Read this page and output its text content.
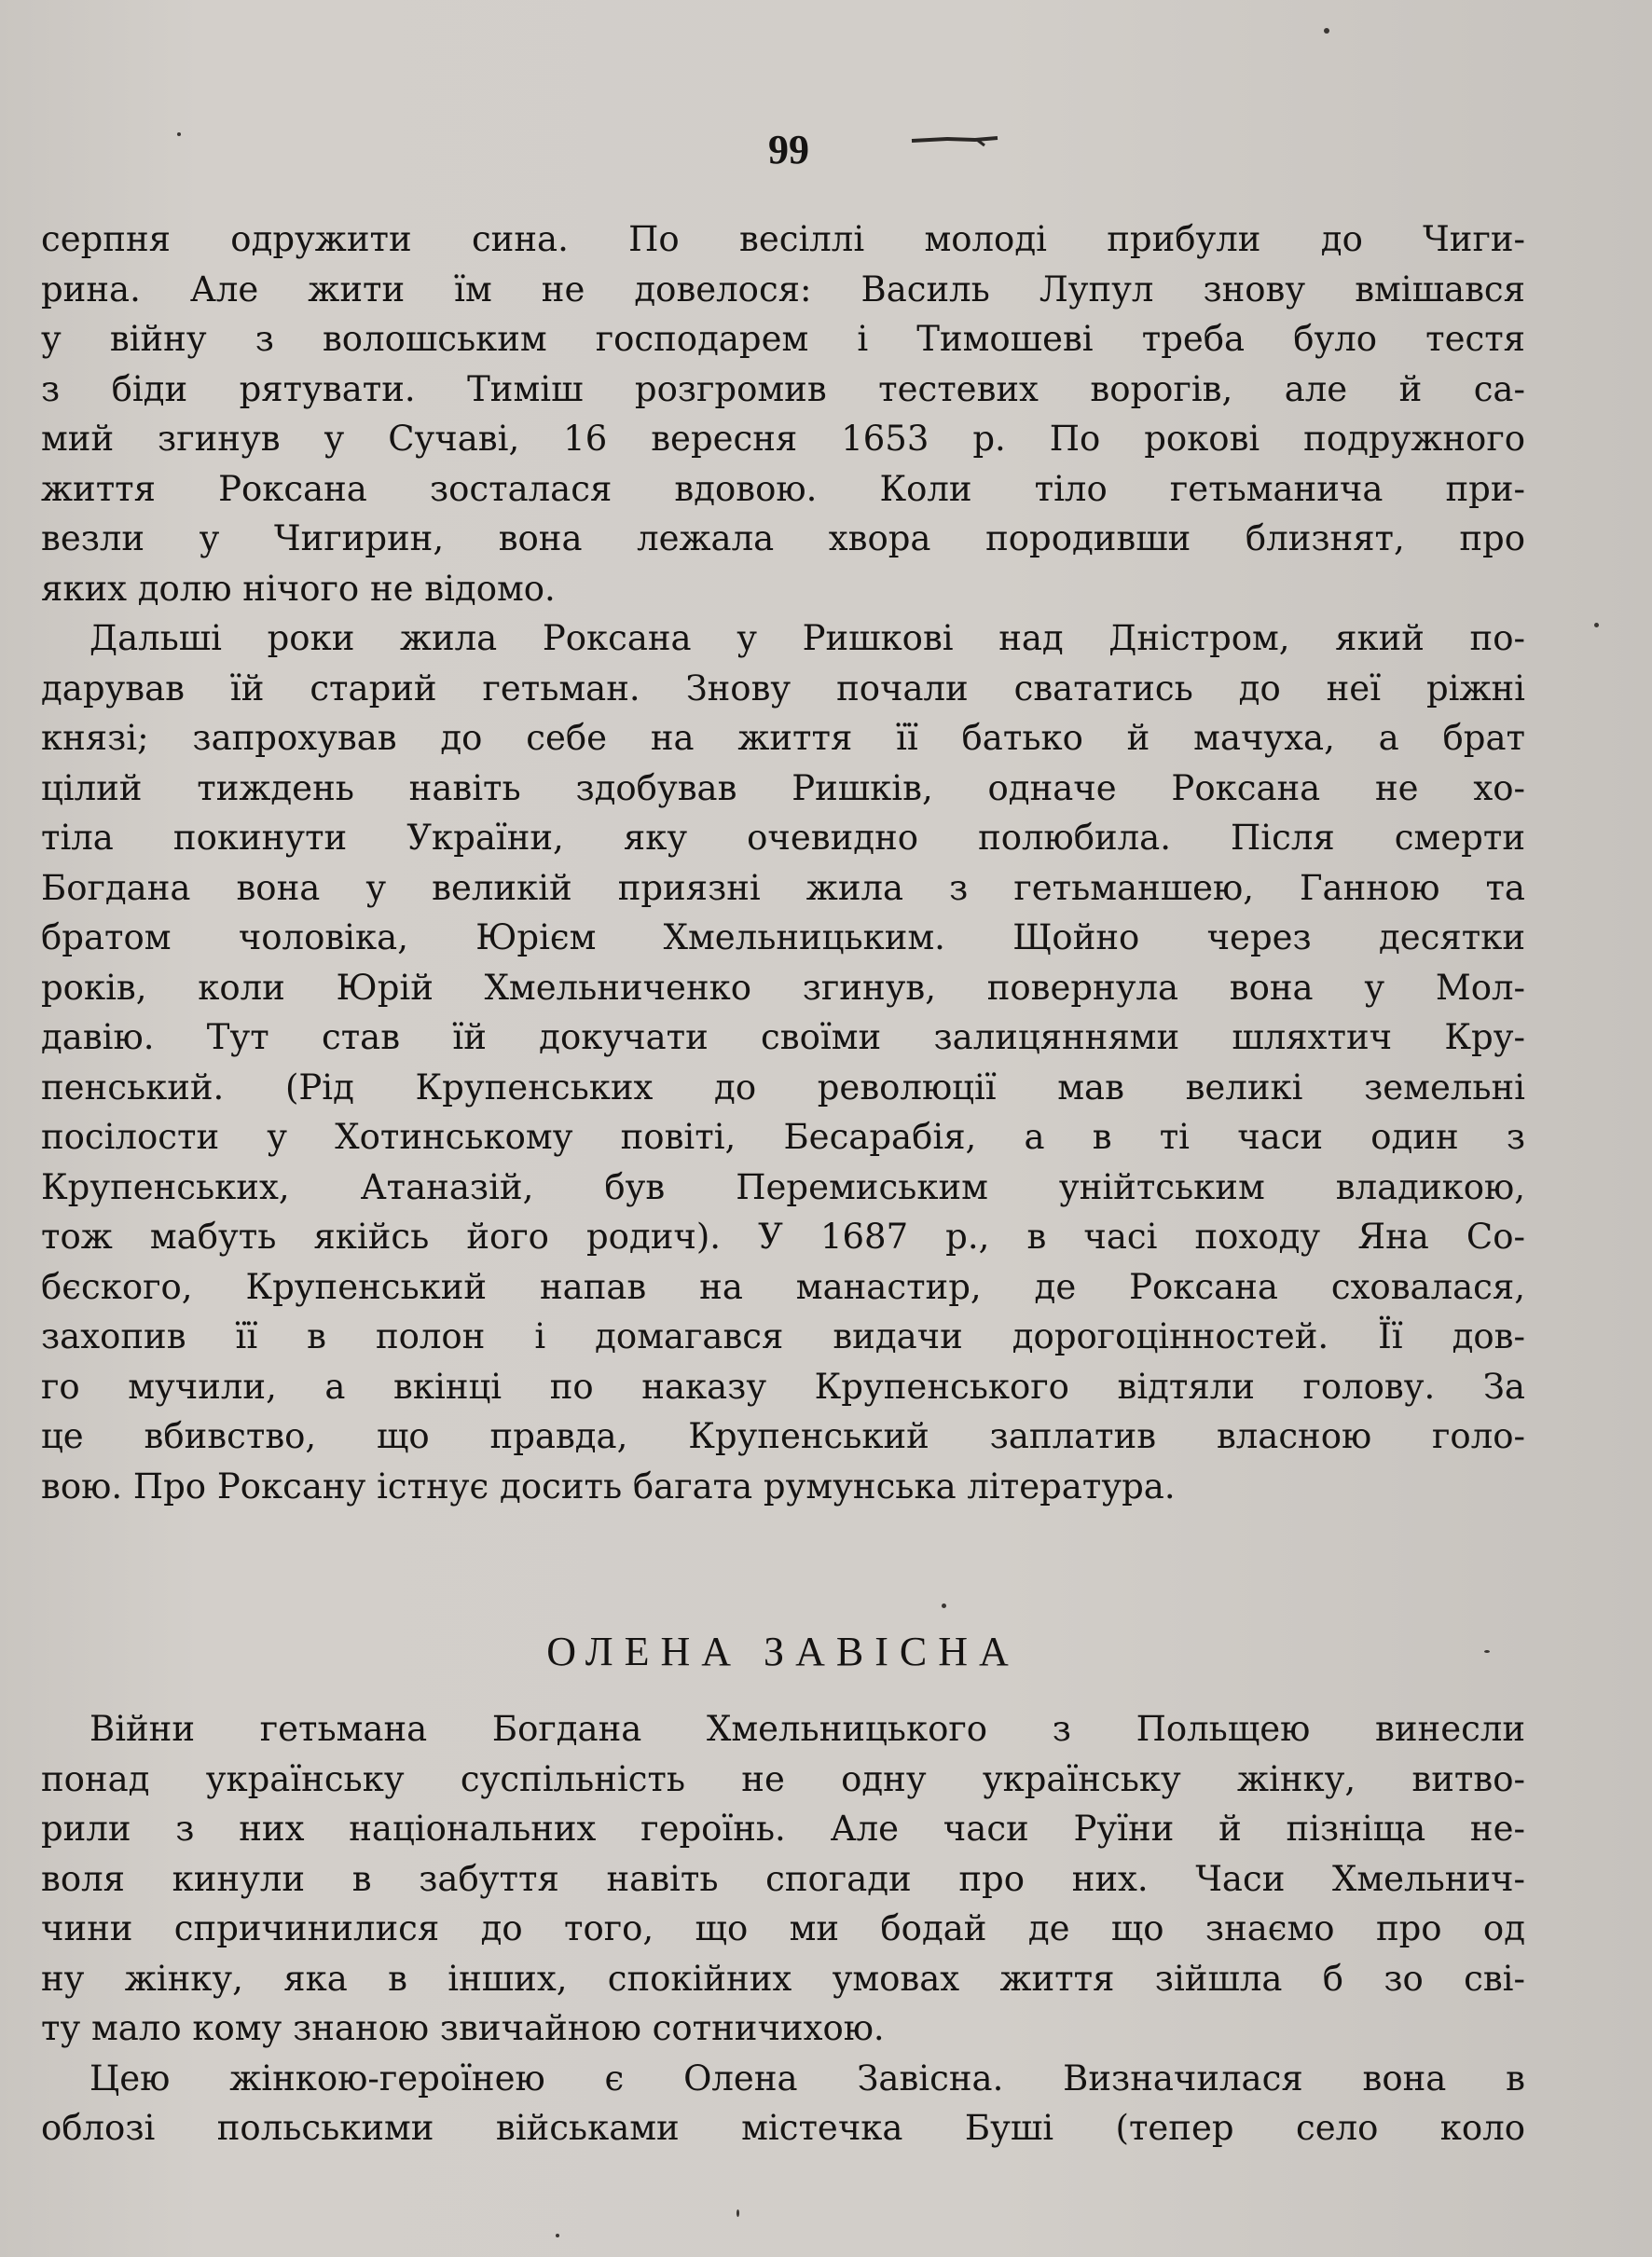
99
серпня одружити сина. По весіллі молоді прибули до Чиги-
рина. Але жити їм не довелося: Василь Лупул знову вмішався
у війну з волошським господарем і Тимошеві треба було тестя
з біди рятувати. Тиміш розгромив тестевих ворогів, але й са-
мий згинув у Сучаві, 16 вересня 1653 р. По рокові подружного
життя Роксана зосталася вдовою. Коли тіло гетьманича при-
везли у Чигирин, вона лежала хвора породивши близнят, про
яких долю нічого не відомо.
Дальші роки жила Роксана у Ришкові над Дністром, який по-
дарував їй старий гетьман. Знову почали свататись до неї ріжні
князі; запрохував до себе на життя її батько й мачуха, а брат
цілий тиждень навіть здобував Ришків, одначе Роксана не хо-
тіла покинути України, яку очевидно полюбила. Після смерти
Богдана вона у великій приязні жила з гетьманшею, Ганною та
братом чоловіка, Юрієм Хмельницьким. Щойно через десятки
років, коли Юрій Хмельниченко згинув, повернула вона у Мол-
давію. Тут став їй докучати своїми залицяннями шляхтич Кру-
пенський. (Рід Крупенських до революції мав великі земельні
посілости у Хотинському повіті, Бесарабія, а в ті часи один з
Крупенських, Атаназій, був Перемиським унійтським владикою,
тож мабуть якійсь його родич). У 1687 р., в часі походу Яна Со-
бєского, Крупенський напав на манастир, де Роксана сховалася,
захопив її в полон і домагався видачи дорогоцінностей. Її дов-
го мучили, а вкінці по наказу Крупенського відтяли голову. За
це вбивство, що правда, Крупенський заплатив власною голо-
вою. Про Роксану істнує досить багата румунська література.
ОЛЕНА ЗАВІСНА
Війни гетьмана Богдана Хмельницького з Польщею винесли
понад українську суспільність не одну українську жінку, витво-
рили з них національних героїнь. Але часи Руїни й пізніща не-
воля кинули в забуття навіть спогади про них. Часи Хмельнич-
чини спричинилися до того, що ми бодай де що знаємо про од
ну жінку, яка в інших, спокійних умовах життя зійшла б зо сві-
ту мало кому знаною звичайною сотничихою.
Цею жінкою-героїнею є Олена Завісна. Визначилася вона в
облозі польськими військами містечка Буші (тепер село коло
